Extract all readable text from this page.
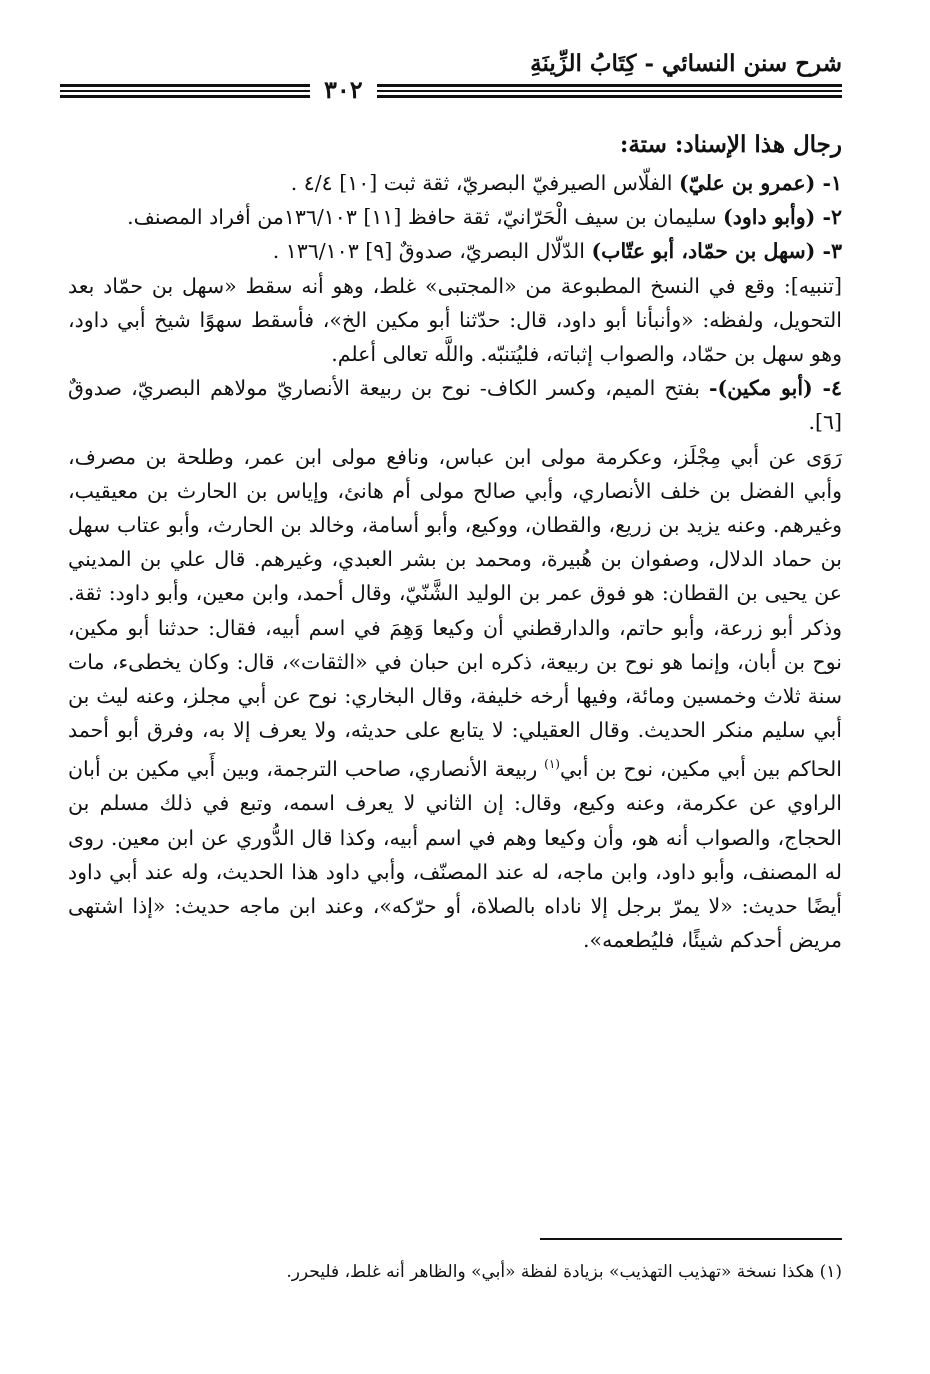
شرح سنن النسائي - كِتَابُ الزِّينَةِ
٣٠٢
رجال هذا الإسناد: ستة:

١- (عمرو بن عليّ) الفلّاس الصيرفيّ البصريّ، ثقة ثبت [١٠] ٤/٤ .

٢- (وأبو داود) سليمان بن سيف الْحَرّانيّ، ثقة حافظ [١١] ١٣٦/١٠٣من أفراد المصنف.

٣- (سهل بن حمّاد، أبو عتّاب) الدّلّال البصريّ، صدوقٌ [٩] ١٣٦/١٠٣ .

[تنبيه]: وقع في النسخ المطبوعة من «المجتبى» غلط، وهو أنه سقط «سهل بن حمّاد بعد التحويل، ولفظه: «وأنبأنا أبو داود، قال: حدّثنا أبو مكين الخ»، فأسقط سهوًا شيخ أبي داود، وهو سهل بن حمّاد، والصواب إثباته، فليُتنبّه. واللَّه تعالى أعلم.

٤- (أبو مكين)- بفتح الميم، وكسر الكاف- نوح بن ربيعة الأنصاريّ مولاهم البصريّ، صدوقٌ [٦].

رَوَى عن أبي مِجْلَز، وعكرمة مولى ابن عباس، ونافع مولى ابن عمر، وطلحة بن مصرف، وأبي الفضل بن خلف الأنصاري، وأبي صالح مولى أم هانئ، وإياس بن الحارث بن معيقيب، وغيرهم. وعنه يزيد بن زريع، والقطان، ووكيع، وأبو أسامة، وخالد بن الحارث، وأبو عتاب سهل بن حماد الدلال، وصفوان بن هُبيرة، ومحمد بن بشر العبدي، وغيرهم. قال علي بن المديني عن يحيى بن القطان: هو فوق عمر بن الوليد الشَّنّيّ، وقال أحمد، وابن معين، وأبو داود: ثقة. وذكر أبو زرعة، وأبو حاتم، والدارقطني أن وكيعا وَهِمَ في اسم أبيه، فقال: حدثنا أبو مكين، نوح بن أبان، وإنما هو نوح بن ربيعة، ذكره ابن حبان في «الثقات»، قال: وكان يخطىء، مات سنة ثلاث وخمسين ومائة، وفيها أرخه خليفة، وقال البخاري: نوح عن أبي مجلز، وعنه ليث بن أبي سليم منكر الحديث. وقال العقيلي: لا يتابع على حديثه، ولا يعرف إلا به، وفرق أبو أحمد الحاكم بين أبي مكين، نوح بن أبي$^{(١)}$ ربيعة الأنصاري، صاحب الترجمة، وبين أَبي مكين بن أبان الراوي عن عكرمة، وعنه وكيع، وقال: إن الثاني لا يعرف اسمه، وتبع في ذلك مسلم بن الحجاج، والصواب أنه هو، وأن وكيعا وهم في اسم أبيه، وكذا قال الدُّوري عن ابن معين. روى له المصنف، وأبو داود، وابن ماجه، له عند المصنّف، وأبي داود هذا الحديث، وله عند أبي داود أيضًا حديث: «لا يمرّ برجل إلا ناداه بالصلاة، أو حرّكه»، وعند ابن ماجه حديث: «إذا اشتهى مريض أحدكم شيئًا، فليُطعمه».

(١) هكذا نسخة «تهذيب التهذيب» بزيادة لفظة «أبي» والظاهر أنه غلط، فليحرر.
